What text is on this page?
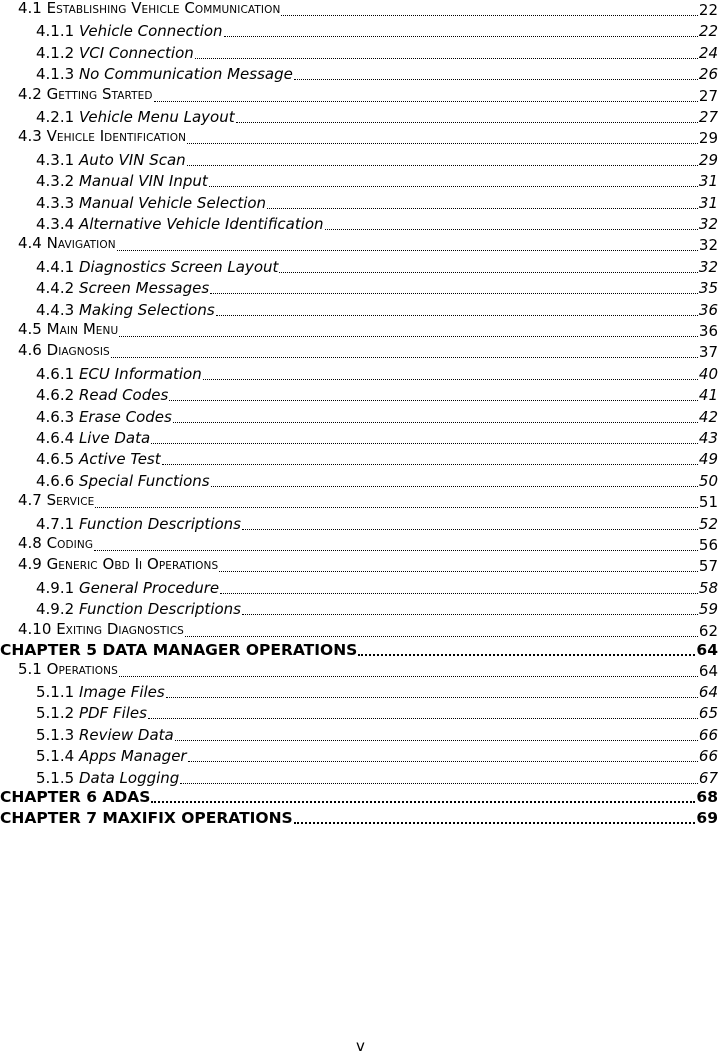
4.1 ESTABLISHING VEHICLE COMMUNICATION	22
4.1.1 Vehicle Connection	22
4.1.2 VCI Connection	24
4.1.3 No Communication Message	26
4.2 GETTING STARTED	27
4.2.1 Vehicle Menu Layout	27
4.3 VEHICLE IDENTIFICATION	29
4.3.1 Auto VIN Scan	29
4.3.2 Manual VIN Input	31
4.3.3 Manual Vehicle Selection	31
4.3.4 Alternative Vehicle Identification	32
4.4 NAVIGATION	32
4.4.1 Diagnostics Screen Layout	32
4.4.2 Screen Messages	35
4.4.3 Making Selections	36
4.5 MAIN MENU	36
4.6 DIAGNOSIS	37
4.6.1 ECU Information	40
4.6.2 Read Codes	41
4.6.3 Erase Codes	42
4.6.4 Live Data	43
4.6.5 Active Test	49
4.6.6 Special Functions	50
4.7 SERVICE	51
4.7.1 Function Descriptions	52
4.8 CODING	56
4.9 GENERIC OBD II OPERATIONS	57
4.9.1 General Procedure	58
4.9.2 Function Descriptions	59
4.10 EXITING DIAGNOSTICS	62
CHAPTER 5 DATA MANAGER OPERATIONS	64
5.1 OPERATIONS	64
5.1.1 Image Files	64
5.1.2 PDF Files	65
5.1.3 Review Data	66
5.1.4 Apps Manager	66
5.1.5 Data Logging	67
CHAPTER 6 ADAS	68
CHAPTER 7 MAXIFIX OPERATIONS	69
v
